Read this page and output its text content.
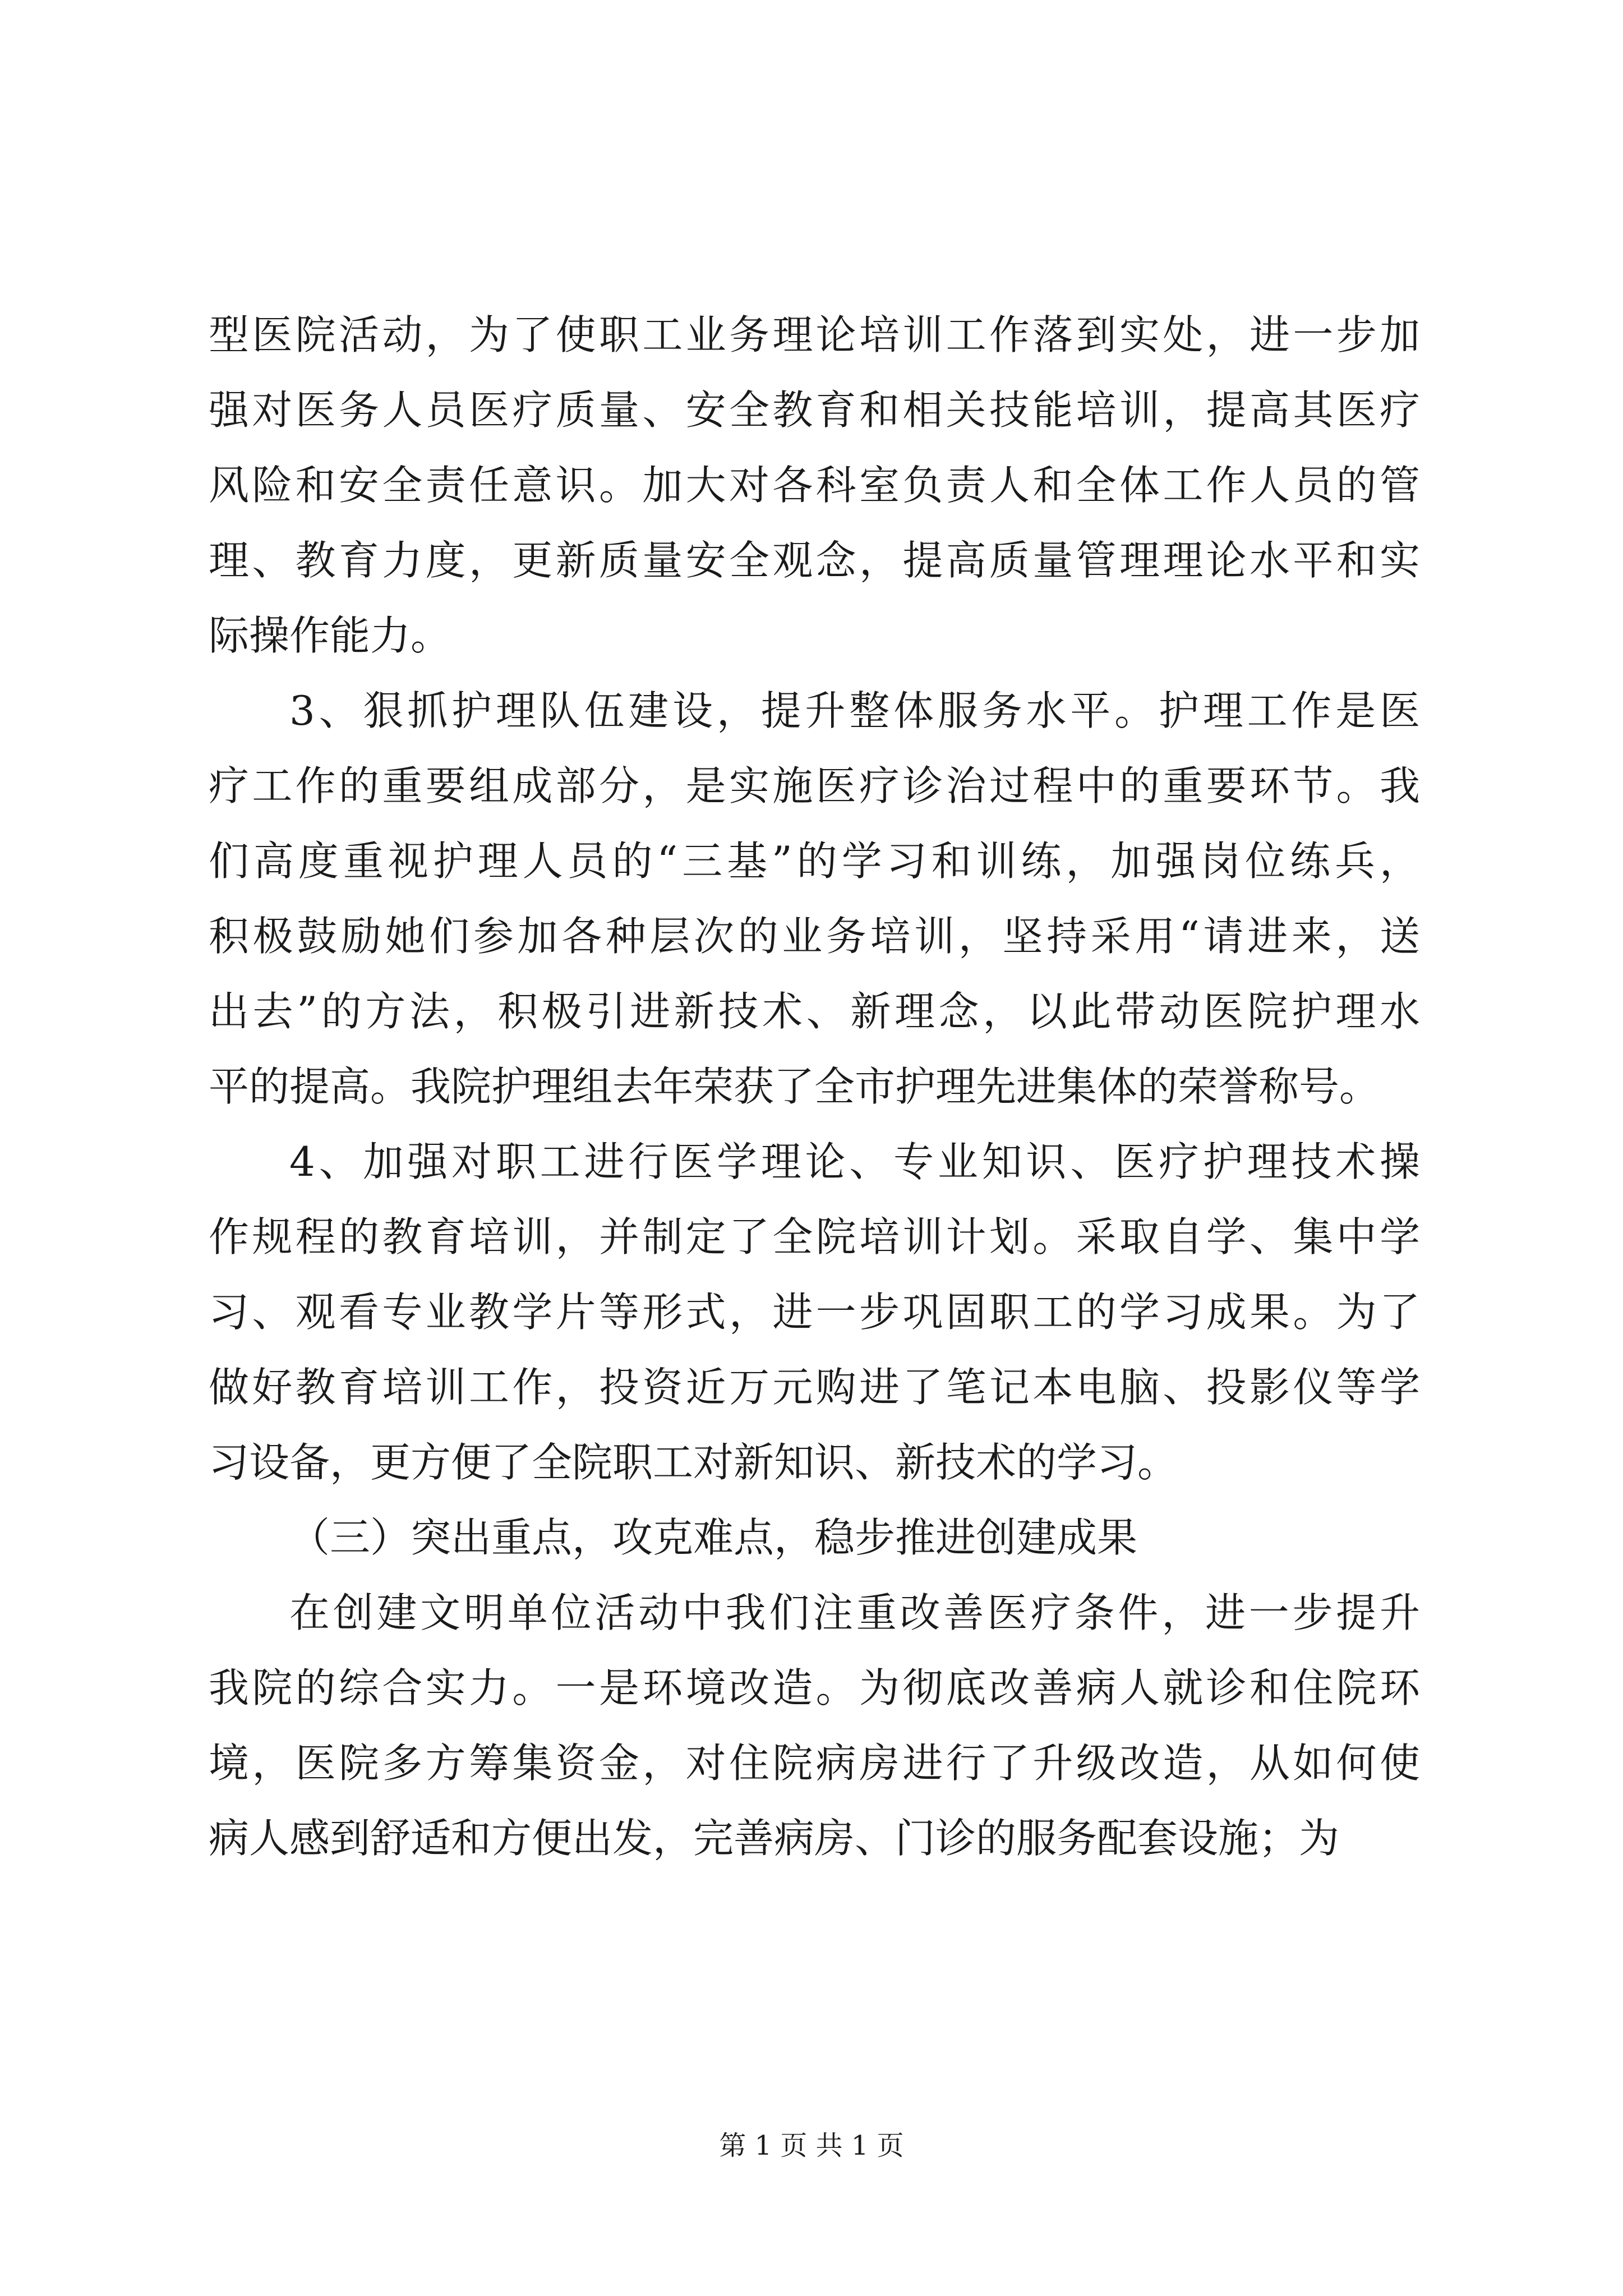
型医院活动，为了使职工业务理论培训工作落到实处，进一步加
强对医务人员医疗质量、安全教育和相关技能培训，提高其医疗
风险和安全责任意识。加大对各科室负责人和全体工作人员的管
理、教育力度，更新质量安全观念，提高质量管理理论水平和实
际操作能力。
3、狠抓护理队伍建设，提升整体服务水平。护理工作是医
疗工作的重要组成部分，是实施医疗诊治过程中的重要环节。我
们高度重视护理人员的“三基”的学习和训练，加强岗位练兵，
积极鼓励她们参加各种层次的业务培训，坚持采用“请进来，送
出去”的方法，积极引进新技术、新理念，以此带动医院护理水
平的提高。我院护理组去年荣获了全市护理先进集体的荣誉称号。
4、加强对职工进行医学理论、专业知识、医疗护理技术操
作规程的教育培训，并制定了全院培训计划。采取自学、集中学
习、观看专业教学片等形式，进一步巩固职工的学习成果。为了
做好教育培训工作，投资近万元购进了笔记本电脑、投影仪等学
习设备，更方便了全院职工对新知识、新技术的学习。
（三）突出重点，攻克难点，稳步推进创建成果
在创建文明单位活动中我们注重改善医疗条件，进一步提升
我院的综合实力。一是环境改造。为彻底改善病人就诊和住院环
境，医院多方筹集资金，对住院病房进行了升级改造，从如何使
病人感到舒适和方便出发，完善病房、门诊的服务配套设施；为
第 1 页 共 1 页
